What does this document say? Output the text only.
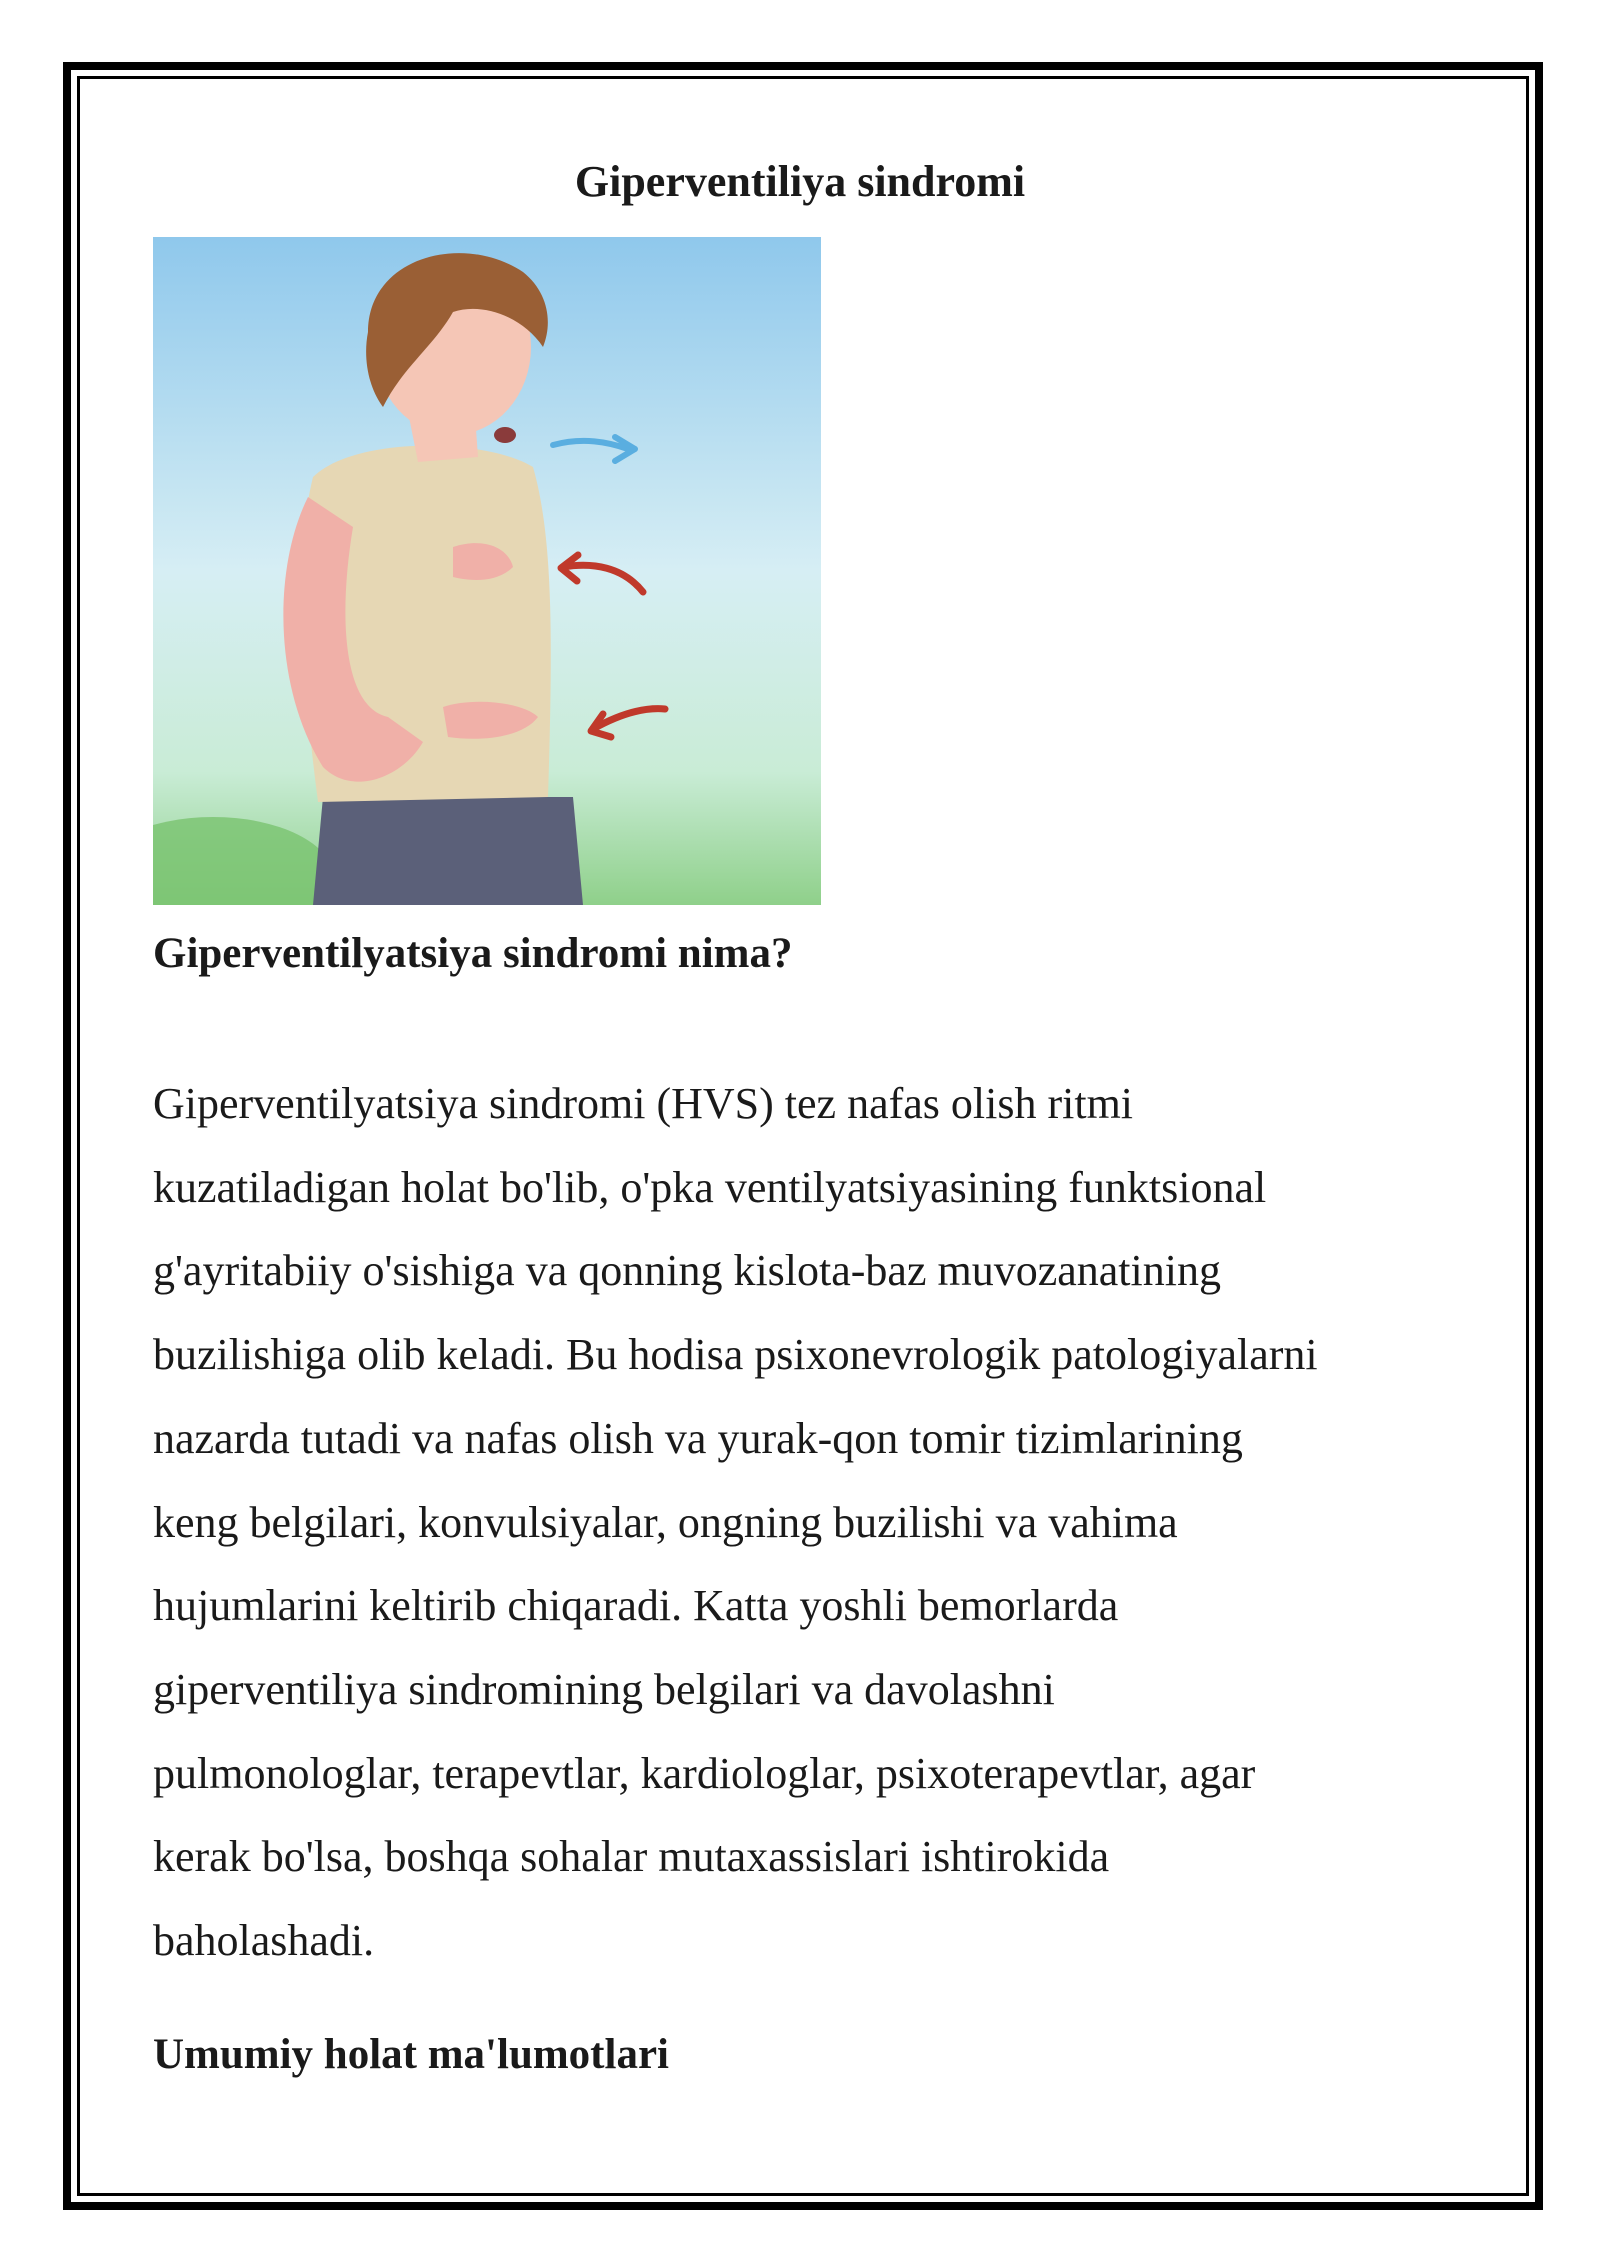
Giperventiliya sindromi
Giperventilyatsiya sindromi nima?
Giperventilyatsiya sindromi (HVS) tez nafas olish ritmi
kuzatiladigan holat bo'lib, o'pka ventilyatsiyasining funktsional
g'ayritabiiy o'sishiga va qonning kislota-baz muvozanatining
buzilishiga olib keladi. Bu hodisa psixonevrologik patologiyalarni
nazarda tutadi va nafas olish va yurak-qon tomir tizimlarining
keng belgilari, konvulsiyalar, ongning buzilishi va vahima
hujumlarini keltirib chiqaradi. Katta yoshli bemorlarda
giperventiliya sindromining belgilari va davolashni
pulmonologlar, terapevtlar, kardiologlar, psixoterapevtlar, agar
kerak bo'lsa, boshqa sohalar mutaxassislari ishtirokida
baholashadi.
Umumiy holat ma'lumotlari
